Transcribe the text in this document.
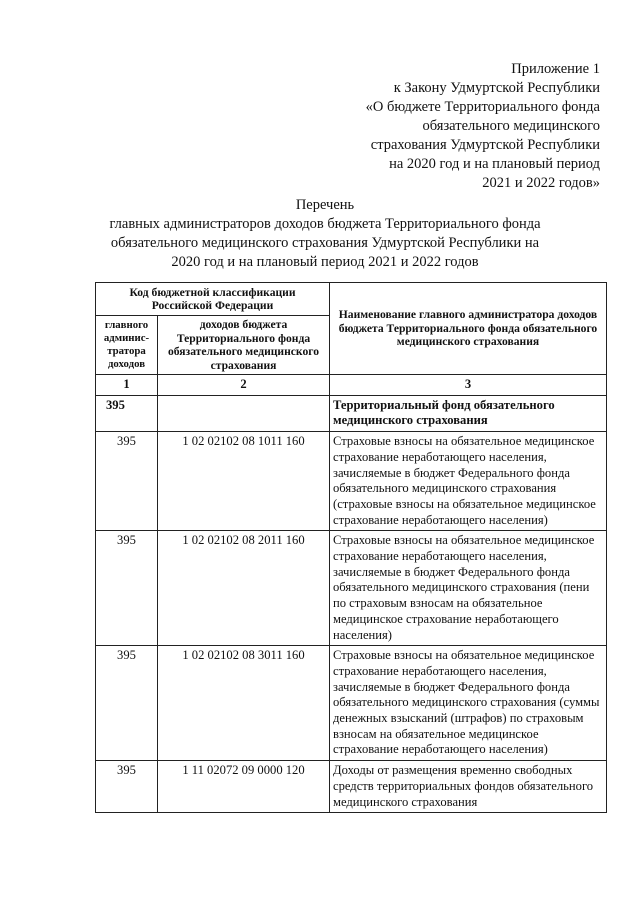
Приложение 1
к Закону Удмуртской Республики
«О бюджете Территориального фонда
обязательного медицинского
страхования Удмуртской Республики
на 2020 год и на плановый период
2021 и 2022 годов»
Перечень
главных администраторов доходов бюджета Территориального фонда
обязательного медицинского страхования Удмуртской Республики на
2020 год и на плановый период 2021 и 2022 годов
Код бюджетной классификации Российской Федерации		Наименование главного администратора доходов бюджета Территориального фонда обязательного медицинского страхования
главного админис-тратора доходов	доходов бюджета Территориального фонда обязательного медицинского страхования	
1	2	3
395		Территориальный фонд обязательного медицинского страхования
395	1 02 02102 08 1011 160	Страховые взносы на обязательное медицинское страхование неработающего населения, зачисляемые в бюджет Федерального фонда обязательного медицинского страхования (страховые взносы на обязательное медицинское страхование неработающего населения)
395	1 02 02102 08 2011 160	Страховые взносы на обязательное медицинское страхование неработающего населения, зачисляемые в бюджет Федерального фонда обязательного медицинского страхования (пени по страховым взносам на обязательное медицинское страхование неработающего населения)
395	1 02 02102 08 3011 160	Страховые взносы на обязательное медицинское страхование неработающего населения, зачисляемые в бюджет Федерального фонда обязательного медицинского страхования (суммы денежных взысканий (штрафов) по страховым взносам на обязательное медицинское страхование неработающего населения)
395	1 11 02072 09 0000 120	Доходы от размещения временно свободных средств территориальных фондов обязательного медицинского страхования
